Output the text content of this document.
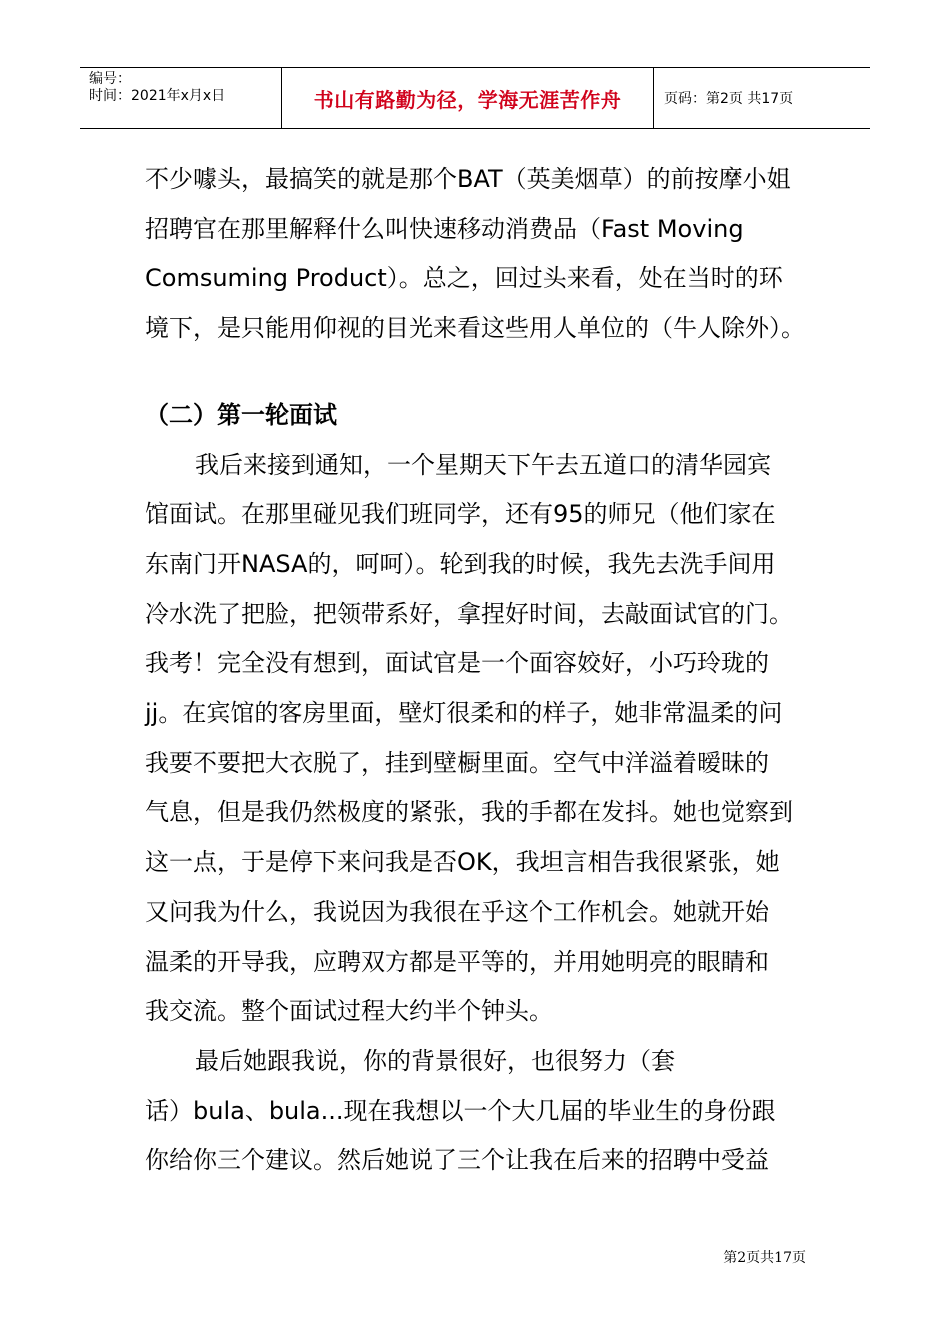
编号：
时间：2021年x月x日	书山有路勤为径，学海无涯苦作舟	页码：第2页 共17页

不少噱头，最搞笑的就是那个BAT（英美烟草）的前按摩小姐

招聘官在那里解释什么叫快速移动消费品（Fast Moving

Comsuming Product）。总之，回过头来看，处在当时的环

境下，是只能用仰视的目光来看这些用人单位的（牛人除外）。

（二）第一轮面试

我后来接到通知，一个星期天下午去五道口的清华园宾

馆面试。在那里碰见我们班同学，还有95的师兄（他们家在

东南门开NASA的，呵呵）。轮到我的时候，我先去洗手间用

冷水洗了把脸，把领带系好，拿捏好时间，去敲面试官的门。

我考！完全没有想到，面试官是一个面容姣好，小巧玲珑的

jj。在宾馆的客房里面，壁灯很柔和的样子，她非常温柔的问

我要不要把大衣脱了，挂到壁橱里面。空气中洋溢着暧昧的

气息，但是我仍然极度的紧张，我的手都在发抖。她也觉察到

这一点，于是停下来问我是否OK，我坦言相告我很紧张，她

又问我为什么，我说因为我很在乎这个工作机会。她就开始

温柔的开导我，应聘双方都是平等的，并用她明亮的眼睛和

我交流。整个面试过程大约半个钟头。

最后她跟我说，你的背景很好，也很努力（套

话）bula、bula...现在我想以一个大几届的毕业生的身份跟

你给你三个建议。然后她说了三个让我在后来的招聘中受益

第2页共17页
